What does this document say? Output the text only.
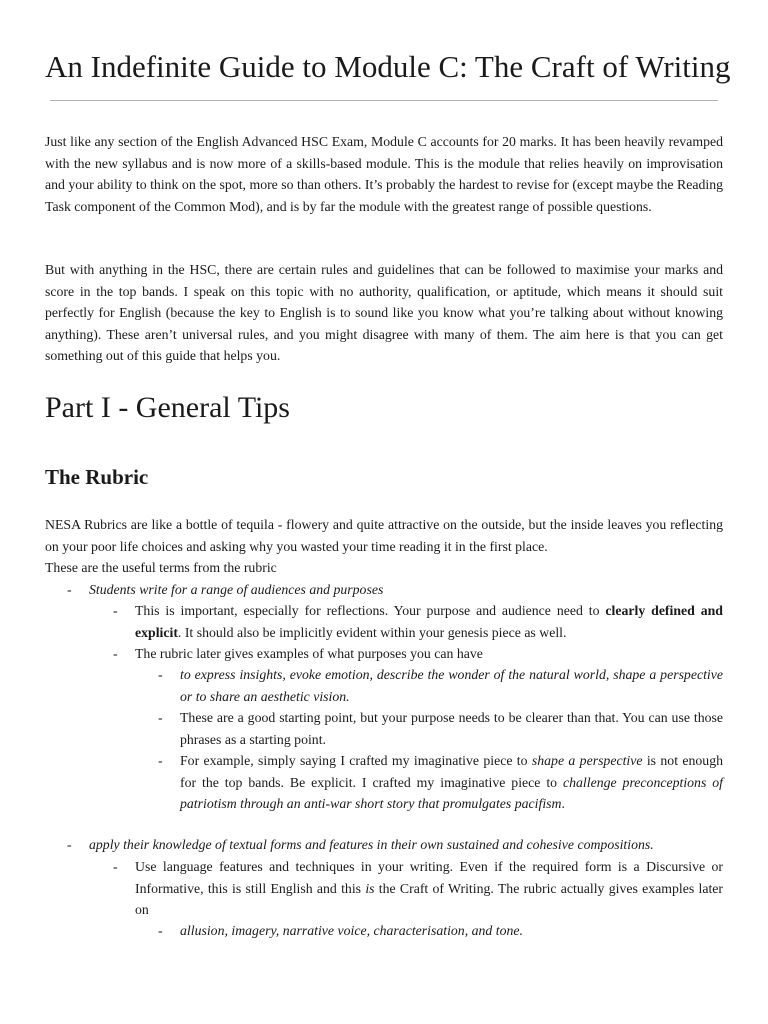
An Indefinite Guide to Module C: The Craft of Writing

Just like any section of the English Advanced HSC Exam, Module C accounts for 20 marks. It has been heavily revamped with the new syllabus and is now more of a skills-based module. This is the module that relies heavily on improvisation and your ability to think on the spot, more so than others. It’s probably the hardest to revise for (except maybe the Reading Task component of the Common Mod), and is by far the module with the greatest range of possible questions.

But with anything in the HSC, there are certain rules and guidelines that can be followed to maximise your marks and score in the top bands. I speak on this topic with no authority, qualification, or aptitude, which means it should suit perfectly for English (because the key to English is to sound like you know what you’re talking about without knowing anything). These aren’t universal rules, and you might disagree with many of them. The aim here is that you can get something out of this guide that helps you.

Part I - General Tips
The Rubric

NESA Rubrics are like a bottle of tequila - flowery and quite attractive on the outside, but the inside leaves you reflecting on your poor life choices and asking why you wasted your time reading it in the first place.
These are the useful terms from the rubric

- Students write for a range of audiences and purposes

- This is important, especially for reflections. Your purpose and audience need to clearly defined and explicit. It should also be implicitly evident within your genesis piece as well.

- The rubric later gives examples of what purposes you can have

- to express insights, evoke emotion, describe the wonder of the natural world, shape a perspective or to share an aesthetic vision.

- These are a good starting point, but your purpose needs to be clearer than that. You can use those phrases as a starting point.

- For example, simply saying I crafted my imaginative piece to shape a perspective is not enough for the top bands. Be explicit. I crafted my imaginative piece to challenge preconceptions of patriotism through an anti-war short story that promulgates pacifism.

- apply their knowledge of textual forms and features in their own sustained and cohesive compositions.

- Use language features and techniques in your writing. Even if the required form is a Discursive or Informative, this is still English and this is the Craft of Writing. The rubric actually gives examples later on

- allusion, imagery, narrative voice, characterisation, and tone.
